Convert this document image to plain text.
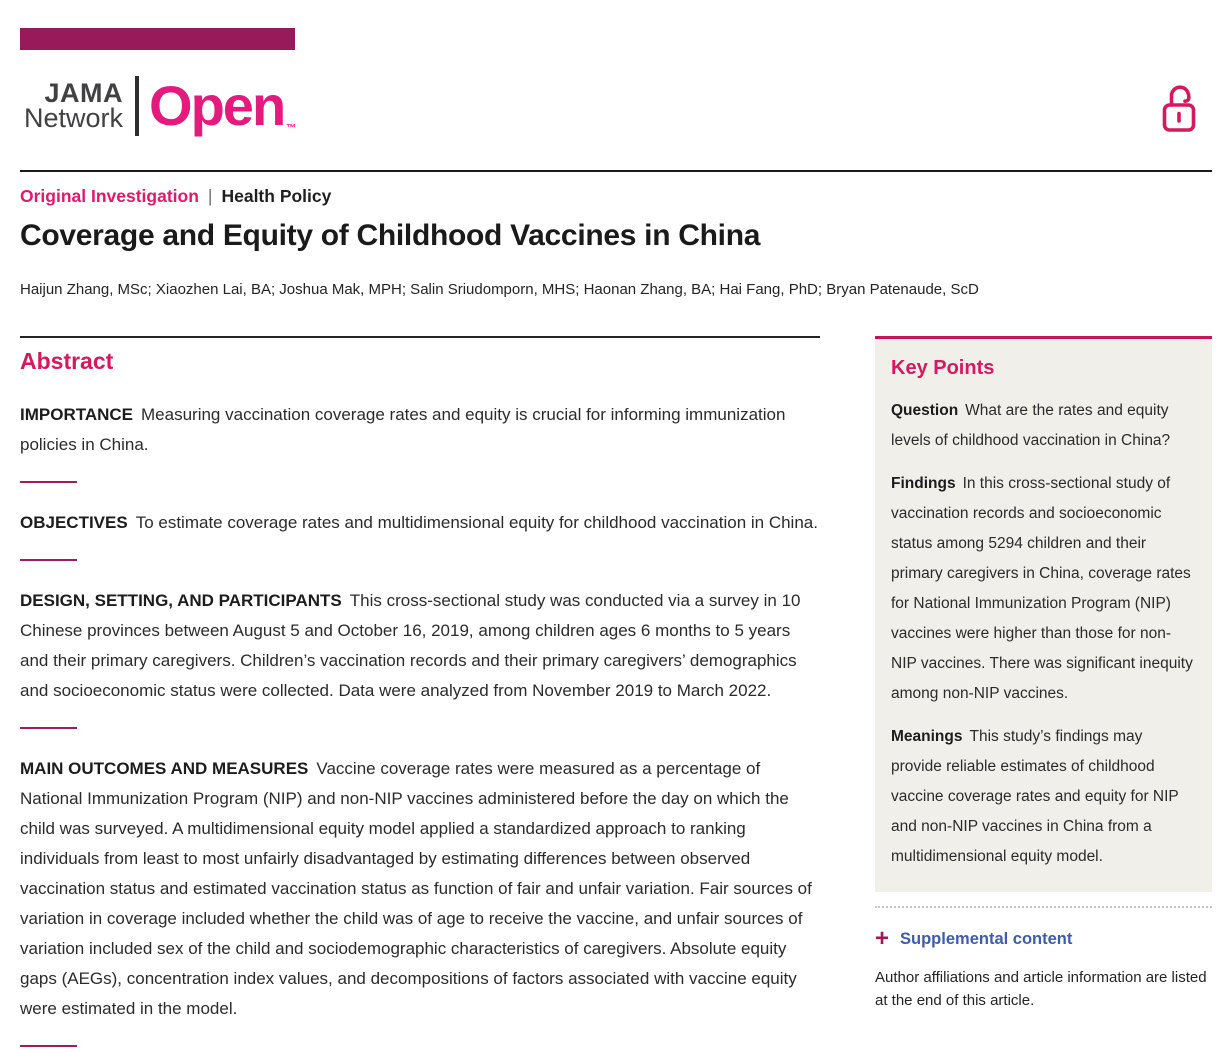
JAMA
Network Open ™
Original Investigation | Health Policy
Coverage and Equity of Childhood Vaccines in China
Haijun Zhang, MSc; Xiaozhen Lai, BA; Joshua Mak, MPH; Salin Sriudomporn, MHS; Haonan Zhang, BA; Hai Fang, PhD; Bryan Patenaude, ScD
Abstract
IMPORTANCE Measuring vaccination coverage rates and equity is crucial for informing immunization policies in China.
OBJECTIVES To estimate coverage rates and multidimensional equity for childhood vaccination in China.
DESIGN, SETTING, AND PARTICIPANTS This cross-sectional study was conducted via a survey in 10 Chinese provinces between August 5 and October 16, 2019, among children ages 6 months to 5 years and their primary caregivers. Children’s vaccination records and their primary caregivers’ demographics and socioeconomic status were collected. Data were analyzed from November 2019 to March 2022.
MAIN OUTCOMES AND MEASURES Vaccine coverage rates were measured as a percentage of National Immunization Program (NIP) and non-NIP vaccines administered before the day on which the child was surveyed. A multidimensional equity model applied a standardized approach to ranking individuals from least to most unfairly disadvantaged by estimating differences between observed vaccination status and estimated vaccination status as function of fair and unfair variation. Fair sources of variation in coverage included whether the child was of age to receive the vaccine, and unfair sources of variation included sex of the child and sociodemographic characteristics of caregivers. Absolute equity gaps (AEGs), concentration index values, and decompositions of factors associated with vaccine equity were estimated in the model.
Key Points
Question What are the rates and equity levels of childhood vaccination in China?
Findings In this cross-sectional study of vaccination records and socioeconomic status among 5294 children and their primary caregivers in China, coverage rates for National Immunization Program (NIP) vaccines were higher than those for non-NIP vaccines. There was significant inequity among non-NIP vaccines.
Meanings This study’s findings may provide reliable estimates of childhood vaccine coverage rates and equity for NIP and non-NIP vaccines in China from a multidimensional equity model.
+ Supplemental content
Author affiliations and article information are listed at the end of this article.
